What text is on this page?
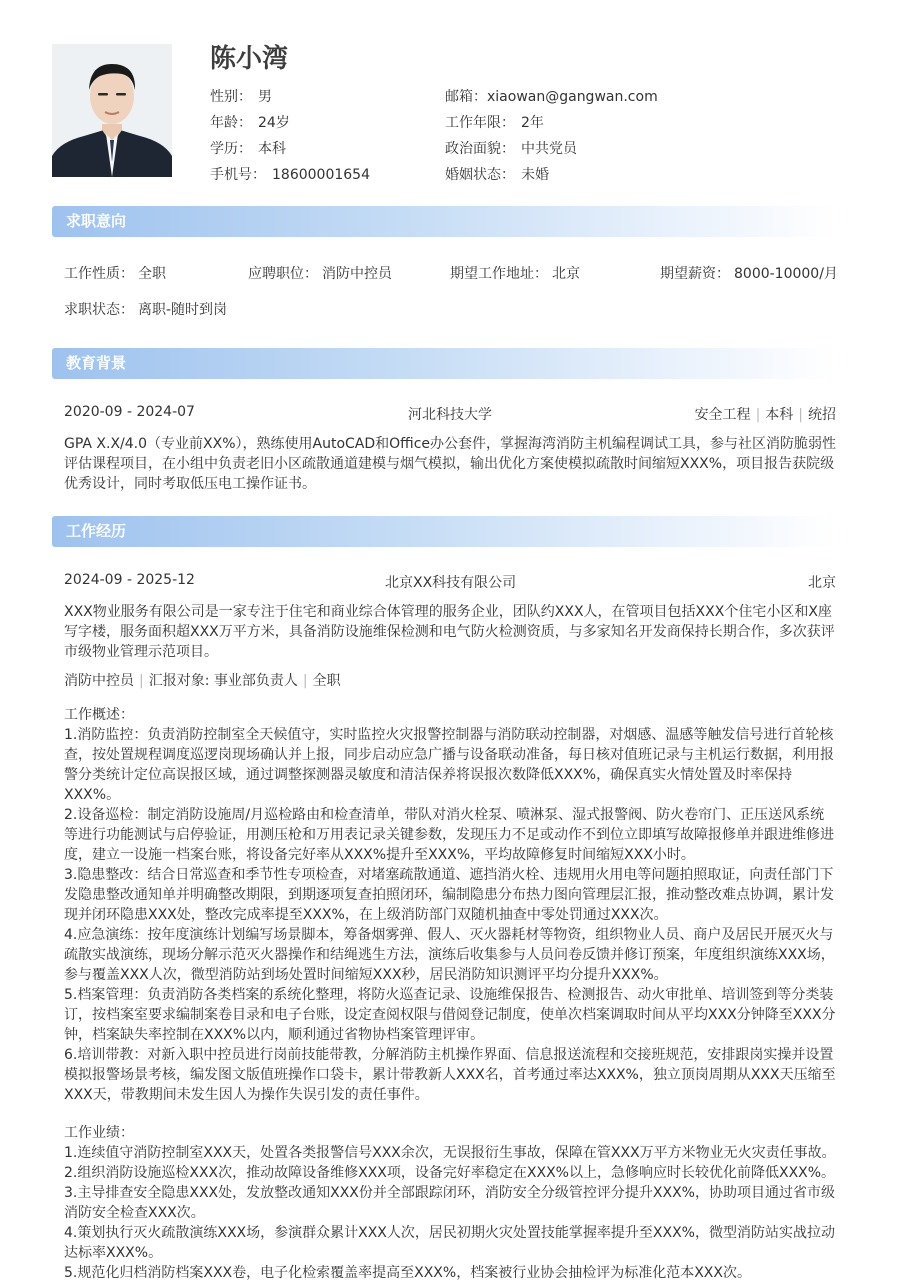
陈小湾
性别： 男
年龄： 24岁
学历： 本科
手机号： 18600001654
邮箱：xiaowan@gangwan.com
工作年限： 2年
政治面貌： 中共党员
婚姻状态： 未婚
求职意向
工作性质： 全职	应聘职位： 消防中控员	期望工作地址： 北京	期望薪资： 8000-10000/月
求职状态： 离职-随时到岗
教育背景
2020-09 - 2024-07	河北科技大学	安全工程 | 本科 | 统招

GPA X.X/4.0（专业前XX%），熟练使用AutoCAD和Office办公套件，掌握海湾消防主机编程调试工具，参与社区消防脆弱性评估课程项目，在小组中负责老旧小区疏散通道建模与烟气模拟，输出优化方案使模拟疏散时间缩短XXX%，项目报告获院级优秀设计，同时考取低压电工操作证书。

工作经历
2024-09 - 2025-12	北京XX科技有限公司	北京

XXX物业服务有限公司是一家专注于住宅和商业综合体管理的服务企业，团队约XXX人，在管项目包括XXX个住宅小区和X座写字楼，服务面积超XXX万平方米，具备消防设施维保检测和电气防火检测资质，与多家知名开发商保持长期合作，多次获评市级物业管理示范项目。

消防中控员 | 汇报对象: 事业部负责人 | 全职
工作概述：
1.消防监控：负责消防控制室全天候值守，实时监控火灾报警控制器与消防联动控制器，对烟感、温感等触发信号进行首轮核查，按处置规程调度巡逻岗现场确认并上报，同步启动应急广播与设备联动准备，每日核对值班记录与主机运行数据，利用报警分类统计定位高误报区域，通过调整探测器灵敏度和清洁保养将误报次数降低XXX%，确保真实火情处置及时率保持XXX%。
2.设备巡检：制定消防设施周/月巡检路由和检查清单，带队对消火栓泵、喷淋泵、湿式报警阀、防火卷帘门、正压送风系统等进行功能测试与启停验证，用测压枪和万用表记录关键参数，发现压力不足或动作不到位立即填写故障报修单并跟进维修进度，建立一设施一档案台账，将设备完好率从XXX%提升至XXX%，平均故障修复时间缩短XXX小时。
3.隐患整改：结合日常巡查和季节性专项检查，对堵塞疏散通道、遮挡消火栓、违规用火用电等问题拍照取证，向责任部门下发隐患整改通知单并明确整改期限，到期逐项复查拍照闭环，编制隐患分布热力图向管理层汇报，推动整改难点协调，累计发现并闭环隐患XXX处，整改完成率提至XXX%，在上级消防部门双随机抽查中零处罚通过XXX次。
4.应急演练：按年度演练计划编写场景脚本，筹备烟雾弹、假人、灭火器耗材等物资，组织物业人员、商户及居民开展灭火与疏散实战演练，现场分解示范灭火器操作和结绳逃生方法，演练后收集参与人员问卷反馈并修订预案，年度组织演练XXX场，参与覆盖XXX人次，微型消防站到场处置时间缩短XXX秒，居民消防知识测评平均分提升XXX%。
5.档案管理：负责消防各类档案的系统化整理，将防火巡查记录、设施维保报告、检测报告、动火审批单、培训签到等分类装订，按档案室要求编制案卷目录和电子台账，设定查阅权限与借阅登记制度，使单次档案调取时间从平均XXX分钟降至XXX分钟，档案缺失率控制在XXX%以内，顺利通过省物协档案管理评审。
6.培训带教：对新入职中控员进行岗前技能带教，分解消防主机操作界面、信息报送流程和交接班规范，安排跟岗实操并设置模拟报警场景考核，编发图文版值班操作口袋卡，累计带教新人XXX名，首考通过率达XXX%，独立顶岗周期从XXX天压缩至XXX天，带教期间未发生因人为操作失误引发的责任事件。
工作业绩：
1.连续值守消防控制室XXX天，处置各类报警信号XXX余次，无误报衍生事故，保障在管XXX万平方米物业无火灾责任事故。
2.组织消防设施巡检XXX次，推动故障设备维修XXX项，设备完好率稳定在XXX%以上，急修响应时长较优化前降低XXX%。
3.主导排查安全隐患XXX处，发放整改通知XXX份并全部跟踪闭环，消防安全分级管控评分提升XXX%，协助项目通过省市级消防安全检查XXX次。
4.策划执行灭火疏散演练XXX场，参演群众累计XXX人次，居民初期火灾处置技能掌握率提升至XXX%，微型消防站实战拉动达标率XXX%。
5.规范化归档消防档案XXX卷，电子化检索覆盖率提高至XXX%，档案被行业协会抽检评为标准化范本XXX次。
